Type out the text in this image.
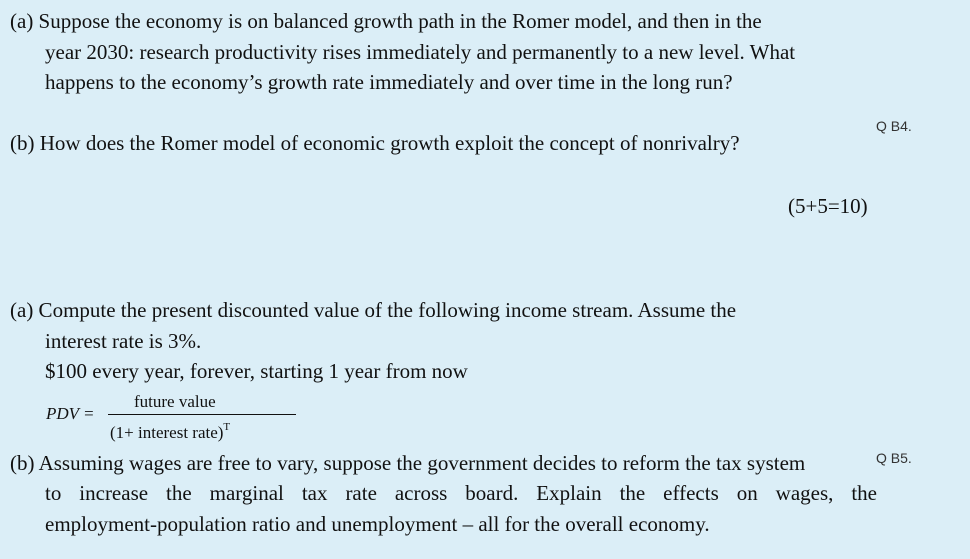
(a) Suppose the economy is on balanced growth path in the Romer model, and then in the
year 2030: research productivity rises immediately and permanently to a new level. What
happens to the economy’s growth rate immediately and over time in the long run?
Q B4.
(b) How does the Romer model of economic growth exploit the concept of nonrivalry?
(5+5=10)
(a) Compute the present discounted value of the following income stream. Assume the
interest rate is 3%.
$100 every year, forever, starting 1 year from now
PDV =
future value
(1+ interest rate)$^T$
(b) Assuming wages are free to vary, suppose the government decides to reform the tax system	Q B5.
to increase the marginal tax rate across board. Explain the effects on wages, the
employment-population ratio and unemployment – all for the overall economy.
